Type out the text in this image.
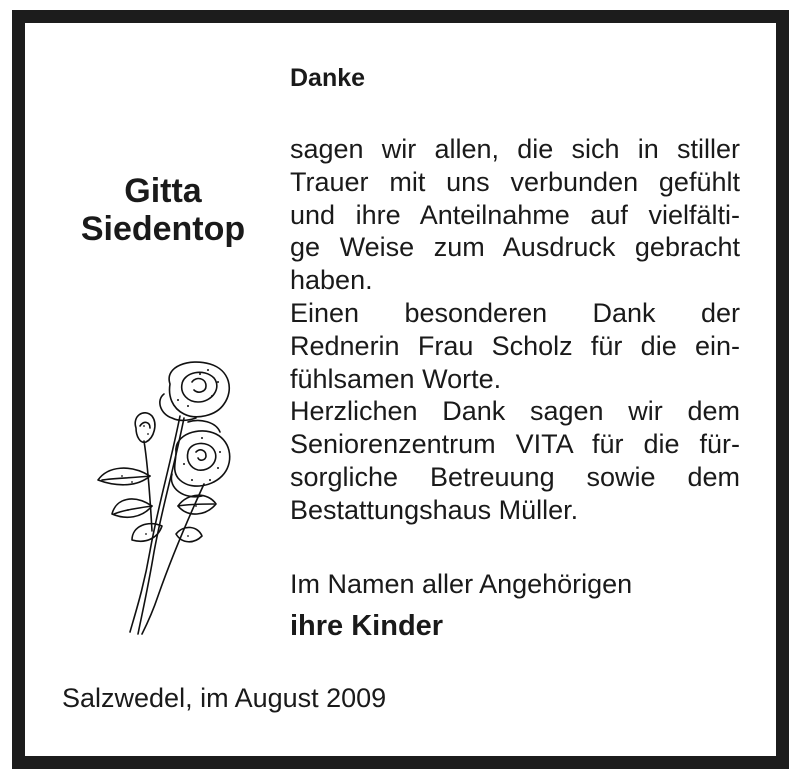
Gitta
Siedentop
Danke
sagen wir allen, die sich in stiller
Trauer mit uns verbunden gefühlt
und ihre Anteilnahme auf vielfälti-
ge Weise zum Ausdruck gebracht
haben.
Einen besonderen Dank der
Rednerin Frau Scholz für die ein-
fühlsamen Worte.
Herzlichen Dank sagen wir dem
Seniorenzentrum VITA für die für-
sorgliche Betreuung sowie dem
Bestattungshaus Müller.
Im Namen aller Angehörigen
ihre Kinder
Salzwedel, im August 2009
